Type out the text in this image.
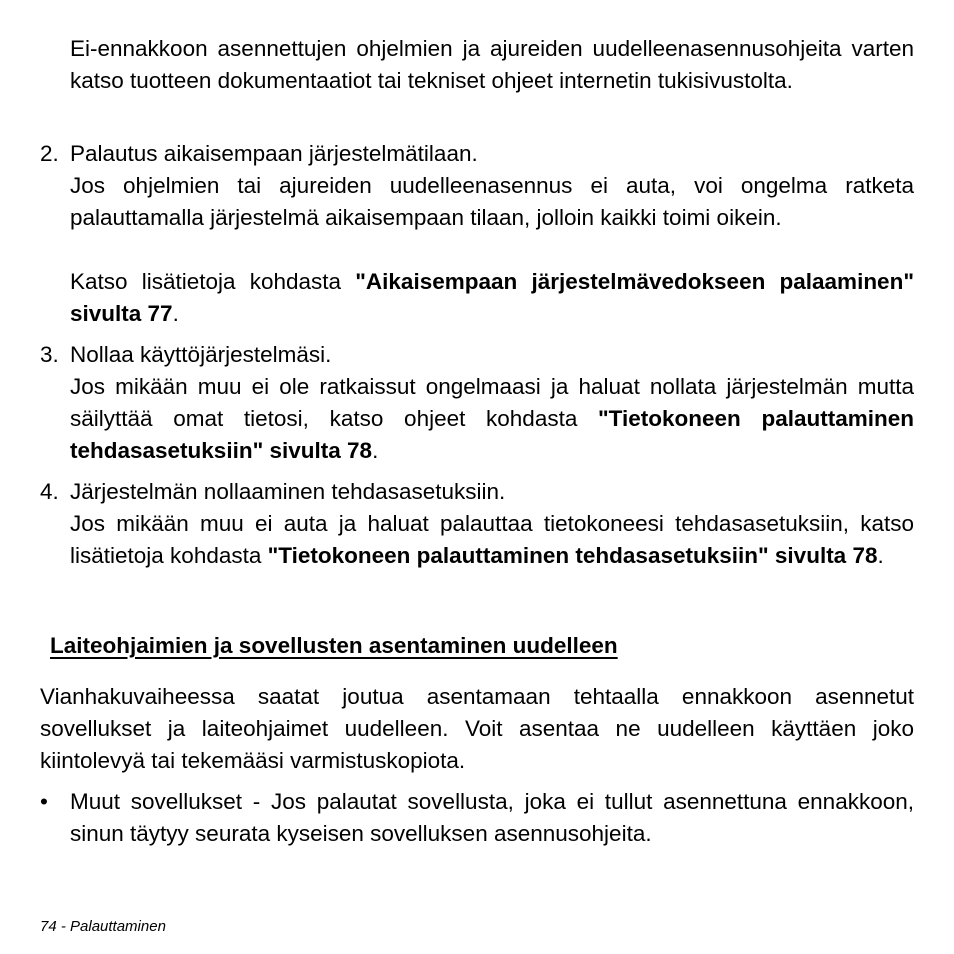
Ei-ennakkoon asennettujen ohjelmien ja ajureiden uudelleenasennusohjeita varten katso tuotteen dokumentaatiot tai tekniset ohjeet internetin tukisivustolta.

2. Palautus aikaisempaan järjestelmätilaan.

Jos ohjelmien tai ajureiden uudelleenasennus ei auta, voi ongelma ratketa palauttamalla järjestelmä aikaisempaan tilaan, jolloin kaikki toimi oikein.

Katso lisätietoja kohdasta "Aikaisempaan järjestelmävedokseen palaaminen" sivulta 77.

3. Nollaa käyttöjärjestelmäsi.

Jos mikään muu ei ole ratkaissut ongelmaasi ja haluat nollata järjestelmän mutta säilyttää omat tietosi, katso ohjeet kohdasta "Tietokoneen palauttaminen tehdasasetuksiin" sivulta 78.

4. Järjestelmän nollaaminen tehdasasetuksiin.

Jos mikään muu ei auta ja haluat palauttaa tietokoneesi tehdasasetuksiin, katso lisätietoja kohdasta "Tietokoneen palauttaminen tehdasasetuksiin" sivulta 78.

Laiteohjaimien ja sovellusten asentaminen uudelleen

Vianhakuvaiheessa saatat joutua asentamaan tehtaalla ennakkoon asennetut sovellukset ja laiteohjaimet uudelleen. Voit asentaa ne uudelleen käyttäen joko kiintolevyä tai tekemääsi varmistuskopiota.

• Muut sovellukset - Jos palautat sovellusta, joka ei tullut asennettuna ennakkoon, sinun täytyy seurata kyseisen sovelluksen asennusohjeita.

74 - Palauttaminen
